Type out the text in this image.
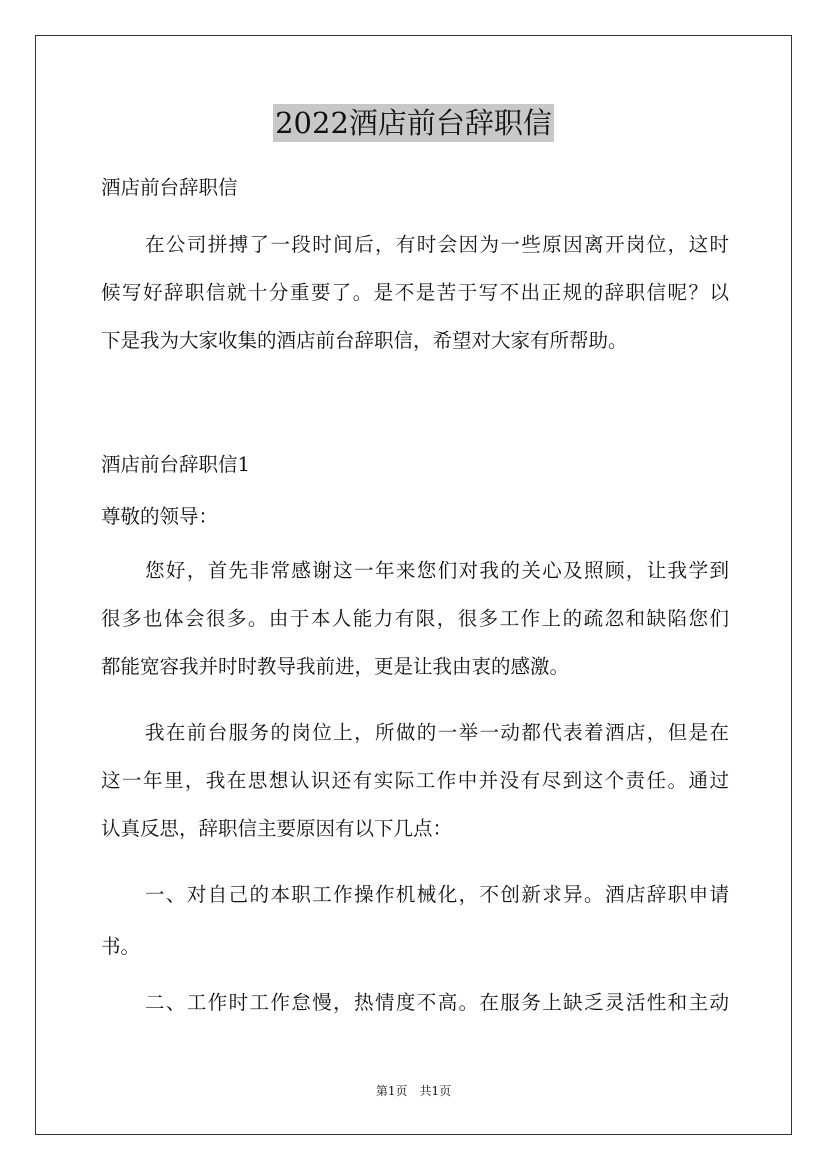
2022酒店前台辞职信
酒店前台辞职信
在公司拼搏了一段时间后，有时会因为一些原因离开岗位，这时
候写好辞职信就十分重要了。是不是苦于写不出正规的辞职信呢？以
下是我为大家收集的酒店前台辞职信，希望对大家有所帮助。
酒店前台辞职信1
尊敬的领导：
您好，首先非常感谢这一年来您们对我的关心及照顾，让我学到
很多也体会很多。由于本人能力有限，很多工作上的疏忽和缺陷您们
都能宽容我并时时教导我前进，更是让我由衷的感激。
我在前台服务的岗位上，所做的一举一动都代表着酒店，但是在
这一年里，我在思想认识还有实际工作中并没有尽到这个责任。通过
认真反思，辞职信主要原因有以下几点：
一、对自己的本职工作操作机械化，不创新求异。酒店辞职申请
书。
二、工作时工作怠慢，热情度不高。在服务上缺乏灵活性和主动
第1页　共1页
